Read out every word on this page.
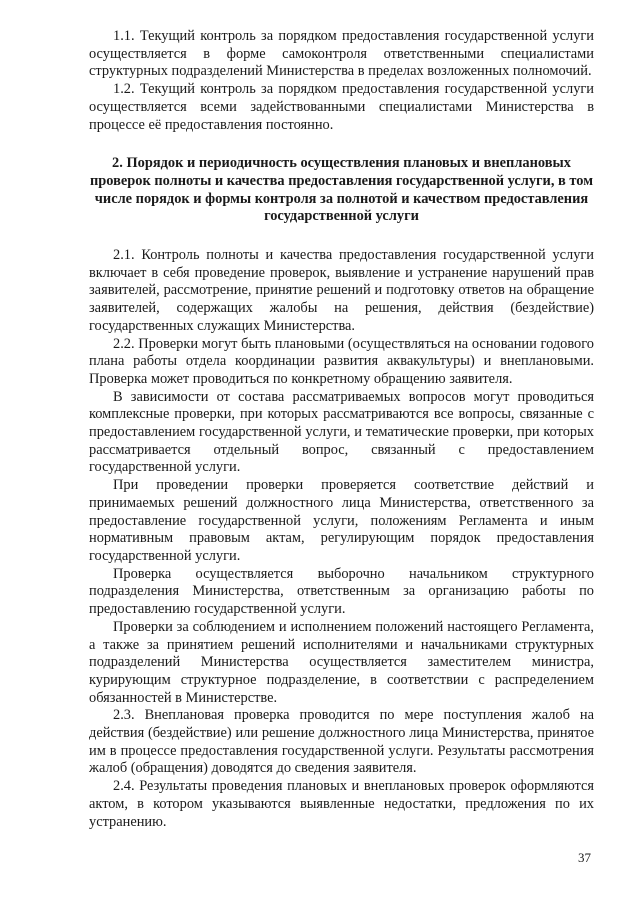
1.1. Текущий контроль за порядком предоставления государственной услуги осуществляется в форме самоконтроля ответственными специалистами структурных подразделений Министерства в пределах возложенных полномочий.

1.2. Текущий контроль за порядком предоставления государственной услуги осуществляется всеми задействованными специалистами Министерства в процессе её предоставления постоянно.

2. Порядок и периодичность осуществления плановых и внеплановых проверок полноты и качества предоставления государственной услуги, в том числе порядок и формы контроля за полнотой и качеством предоставления государственной услуги

2.1. Контроль полноты и качества предоставления государственной услуги включает в себя проведение проверок, выявление и устранение нарушений прав заявителей, рассмотрение, принятие решений и подготовку ответов на обращение заявителей, содержащих жалобы на решения, действия (бездействие) государственных служащих Министерства.

2.2. Проверки могут быть плановыми (осуществляться на основании годового плана работы отдела координации развития аквакультуры) и внеплановыми. Проверка может проводиться по конкретному обращению заявителя.

В зависимости от состава рассматриваемых вопросов могут проводиться комплексные проверки, при которых рассматриваются все вопросы, связанные с предоставлением государственной услуги, и тематические проверки, при которых рассматривается отдельный вопрос, связанный с предоставлением государственной услуги.

При проведении проверки проверяется соответствие действий и принимаемых решений должностного лица Министерства, ответственного за предоставление государственной услуги, положениям Регламента и иным нормативным правовым актам, регулирующим порядок предоставления государственной услуги.

Проверка осуществляется выборочно начальником структурного подразделения Министерства, ответственным за организацию работы по предоставлению государственной услуги.

Проверки за соблюдением и исполнением положений настоящего Регламента, а также за принятием решений исполнителями и начальниками структурных подразделений Министерства осуществляется заместителем министра, курирующим структурное подразделение, в соответствии с распределением обязанностей в Министерстве.

2.3. Внеплановая проверка проводится по мере поступления жалоб на действия (бездействие) или решение должностного лица Министерства, принятое им в процессе предоставления государственной услуги. Результаты рассмотрения жалоб (обращения) доводятся до сведения заявителя.

2.4. Результаты проведения плановых и внеплановых проверок оформляются актом, в котором указываются выявленные недостатки, предложения по их устранению.

37
